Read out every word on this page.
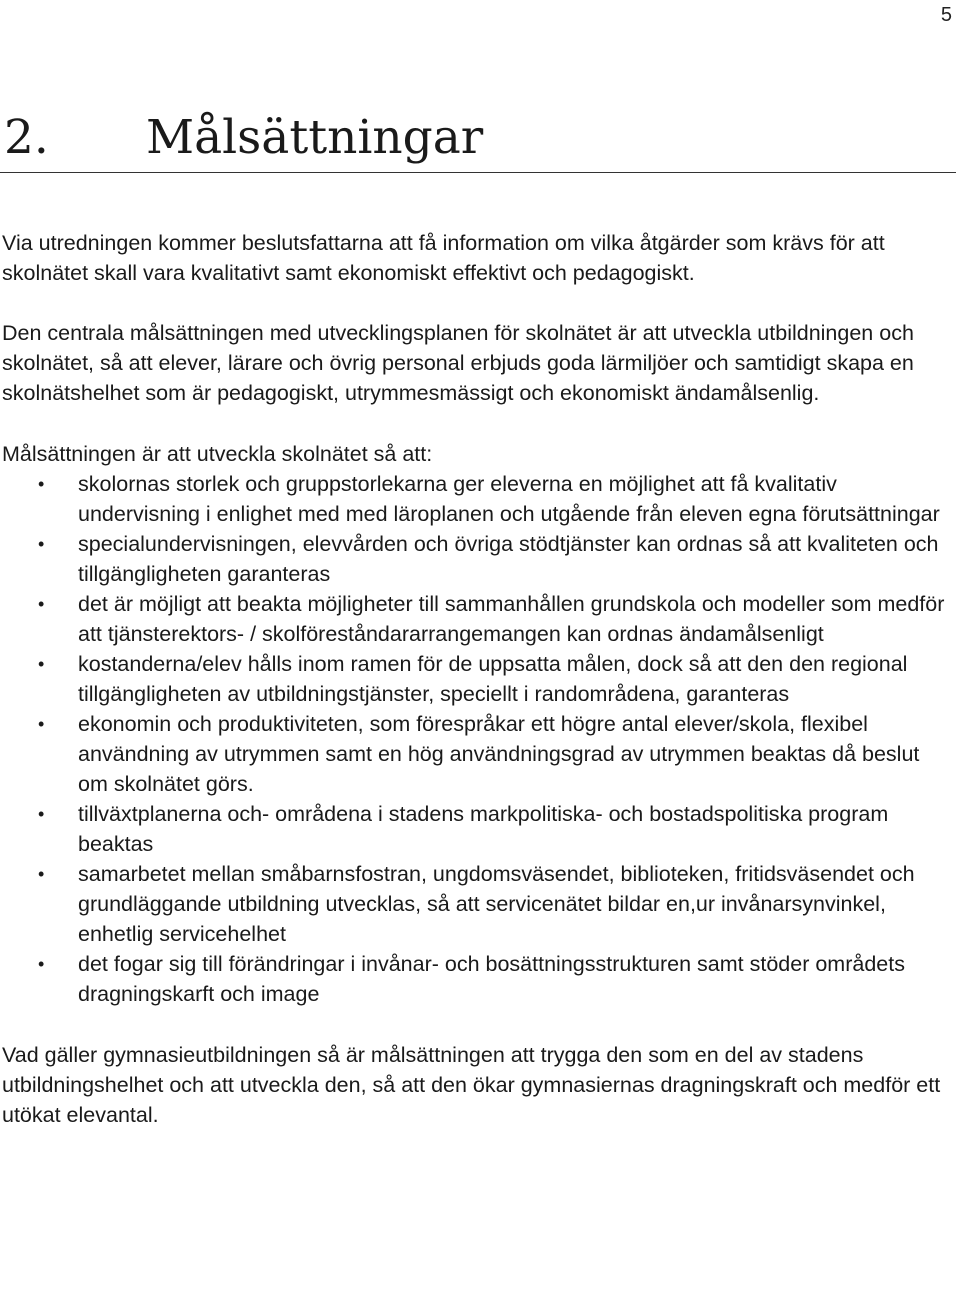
5
2. Målsättningar

Via utredningen kommer beslutsfattarna att få information om vilka åtgärder som krävs för att skolnätet skall vara kvalitativt samt ekonomiskt effektivt och pedagogiskt.

Den centrala målsättningen med utvecklingsplanen för skolnätet är att utveckla utbildningen och skolnätet, så att elever, lärare och övrig personal erbjuds goda lärmiljöer och samtidigt skapa en skolnätshelhet som är pedagogiskt, utrymmesmässigt och ekonomiskt ändamålsenlig.

Målsättningen är att utveckla skolnätet så att:

• skolornas storlek och gruppstorlekarna ger eleverna en möjlighet att få kvalitativ undervisning i enlighet med med läroplanen och utgående från eleven egna förutsättningar
• specialundervisningen, elevvården och övriga stödtjänster kan ordnas så att kvaliteten och tillgängligheten garanteras
• det är möjligt att beakta möjligheter till sammanhållen grundskola och modeller som medför att tjänsterektors- / skolföreståndararrangemangen kan ordnas ändamålsenligt
• kostanderna/elev hålls inom ramen för de uppsatta målen, dock så att den den regional tillgängligheten av utbildningstjänster, speciellt i randområdena, garanteras
• ekonomin och produktiviteten, som förespråkar ett högre antal elever/skola, flexibel användning av utrymmen samt en hög användningsgrad av utrymmen beaktas då beslut om skolnätet görs.
• tillväxtplanerna och- områdena i stadens markpolitiska- och bostadspolitiska program beaktas
• samarbetet mellan småbarnsfostran, ungdomsväsendet, biblioteken, fritidsväsendet och grundläggande utbildning utvecklas, så att servicenätet bildar en,ur invånarsynvinkel, enhetlig servicehelhet
• det fogar sig till förändringar i invånar- och bosättningsstrukturen samt stöder områdets dragningskarft och image

Vad gäller gymnasieutbildningen så är målsättningen att trygga den som en del av stadens utbildningshelhet och att utveckla den, så att den ökar gymnasiernas dragningskraft och medför ett utökat elevantal.
